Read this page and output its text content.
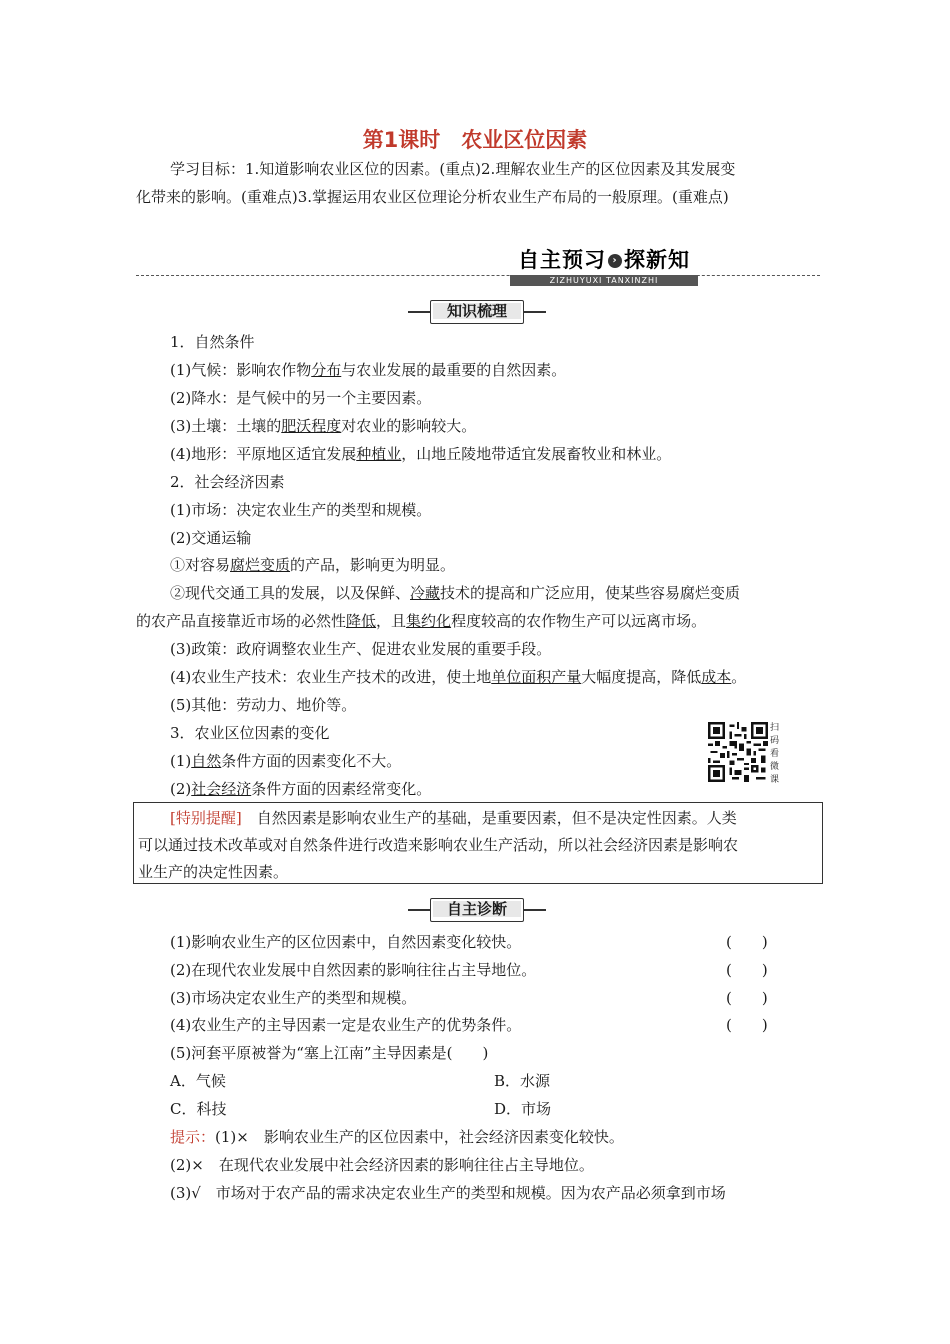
第1课时　农业区位因素
学习目标：1.知道影响农业区位的因素。(重点)2.理解农业生产的区位因素及其发展变
化带来的影响。(重难点)3.掌握运用农业区位理论分析农业生产布局的一般原理。(重难点)
自主预习 › 探新知
ZIZHUYUXI TANXINZHI
知识梳理
1．自然条件
(1)气候：影响农作物分布与农业发展的最重要的自然因素。
(2)降水：是气候中的另一个主要因素。
(3)土壤：土壤的肥沃程度对农业的影响较大。
(4)地形：平原地区适宜发展种植业，山地丘陵地带适宜发展畜牧业和林业。
2．社会经济因素
(1)市场：决定农业生产的类型和规模。
(2)交通运输
①对容易腐烂变质的产品，影响更为明显。
②现代交通工具的发展，以及保鲜、冷藏技术的提高和广泛应用，使某些容易腐烂变质
的农产品直接靠近市场的必然性降低，且集约化程度较高的农作物生产可以远离市场。
(3)政策：政府调整农业生产、促进农业发展的重要手段。
(4)农业生产技术：农业生产技术的改进，使土地单位面积产量大幅度提高，降低成本。
(5)其他：劳动力、地价等。
3．农业区位因素的变化
(1)自然条件方面的因素变化不大。
(2)社会经济条件方面的因素经常变化。
扫
码
看
微
课
[特别提醒]　自然因素是影响农业生产的基础，是重要因素，但不是决定性因素。人类
可以通过技术改革或对自然条件进行改造来影响农业生产活动，所以社会经济因素是影响农
业生产的决定性因素。
自主诊断
(1)影响农业生产的区位因素中，自然因素变化较快。	(　　)
(2)在现代农业发展中自然因素的影响往往占主导地位。	(　　)
(3)市场决定农业生产的类型和规模。	(　　)
(4)农业生产的主导因素一定是农业生产的优势条件。	(　　)
(5)河套平原被誉为“塞上江南”主导因素是(　　)
A．气候	B．水源
C．科技	D．市场
提示：(1)×　影响农业生产的区位因素中，社会经济因素变化较快。
(2)×　在现代农业发展中社会经济因素的影响往往占主导地位。
(3)√　市场对于农产品的需求决定农业生产的类型和规模。因为农产品必须拿到市场
